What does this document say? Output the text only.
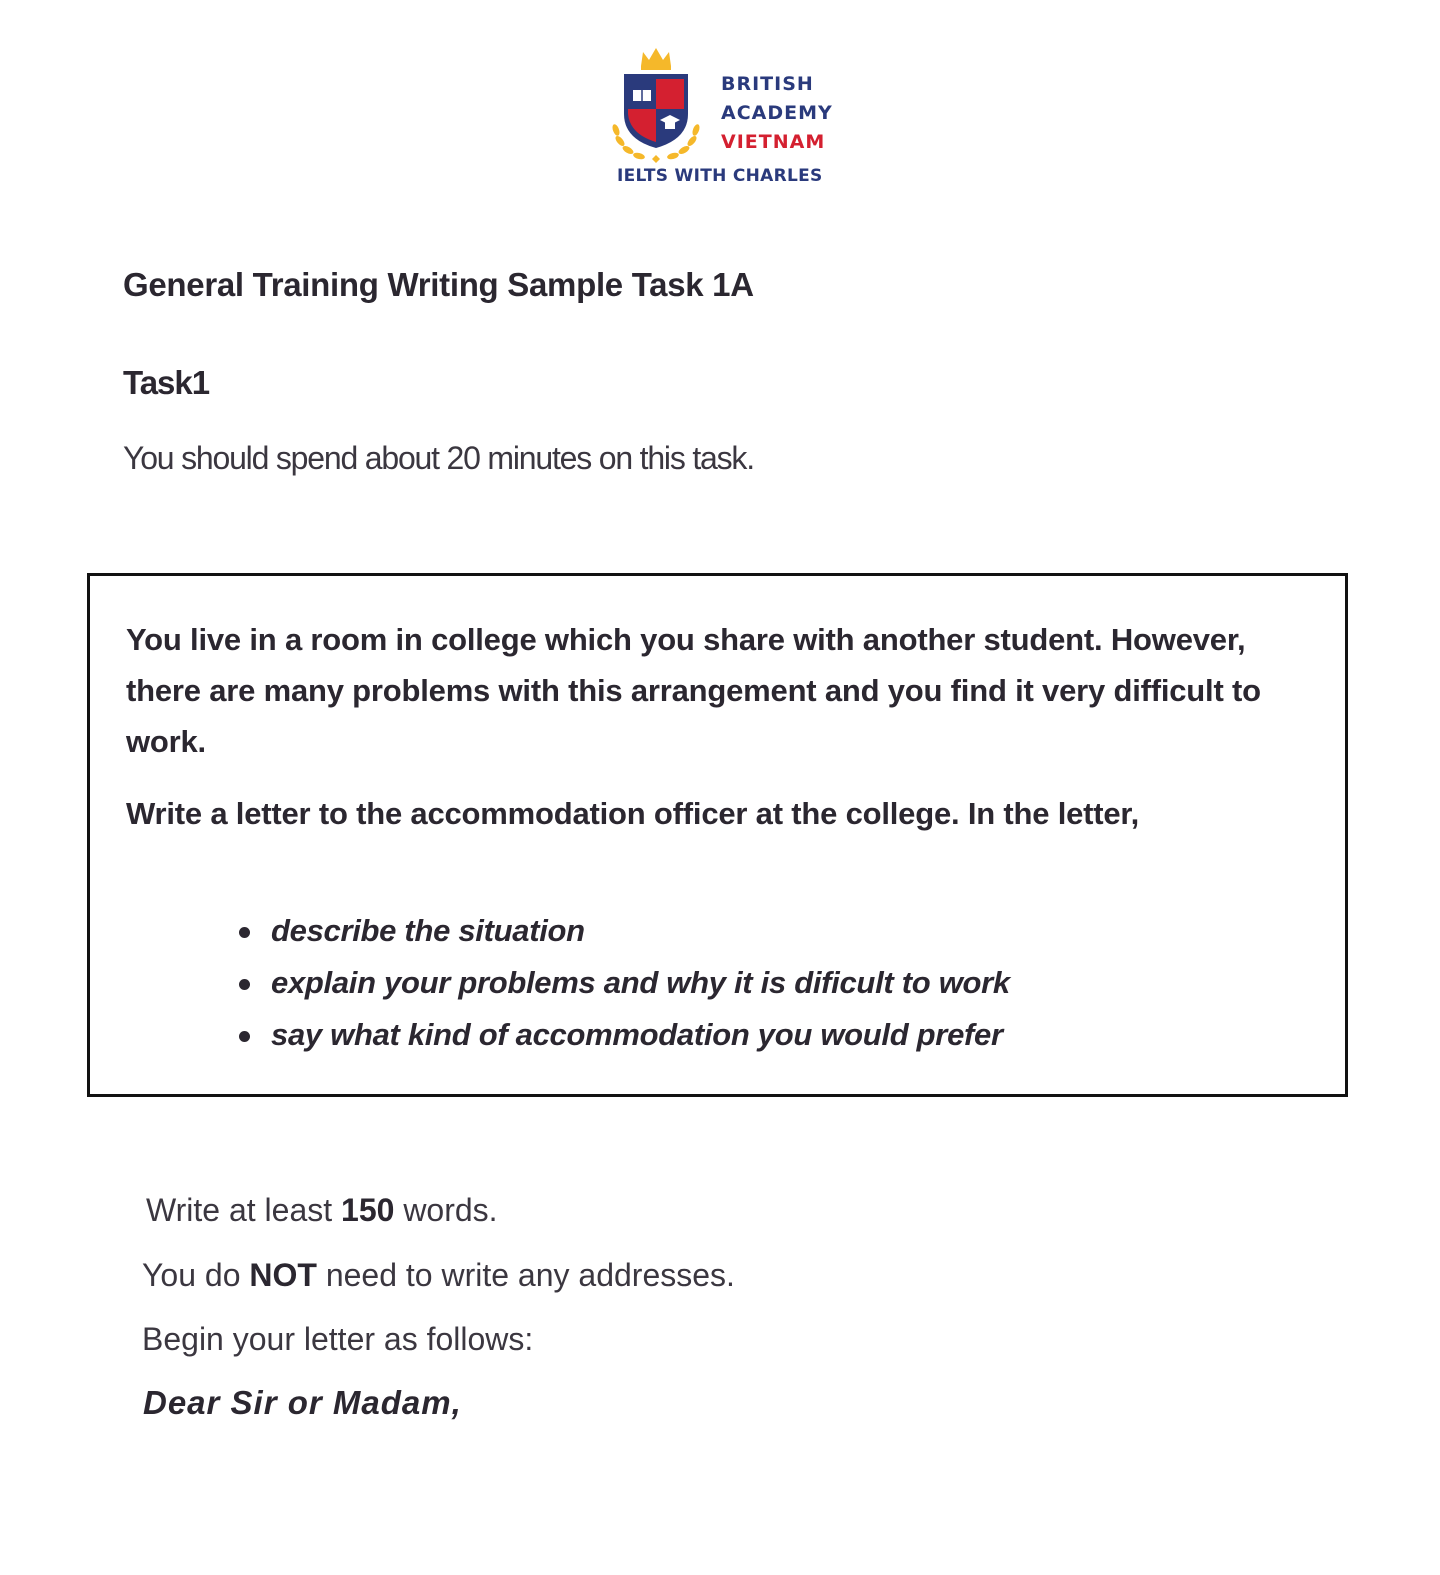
BRITISH
ACADEMY
VIETNAM
IELTS WITH CHARLES
General Training Writing Sample Task 1A
Task1
You should spend about 20 minutes on this task.
You live in a room in college which you share with another student. However, there are many problems with this arrangement and you find it very difficult to work.
Write a letter to the accommodation officer at the college. In the letter,
describe the situation
explain your problems and why it is dificult to work
say what kind of accommodation you would prefer
Write at least 150 words.
You do NOT need to write any addresses.
Begin your letter as follows:
Dear Sir or Madam,
